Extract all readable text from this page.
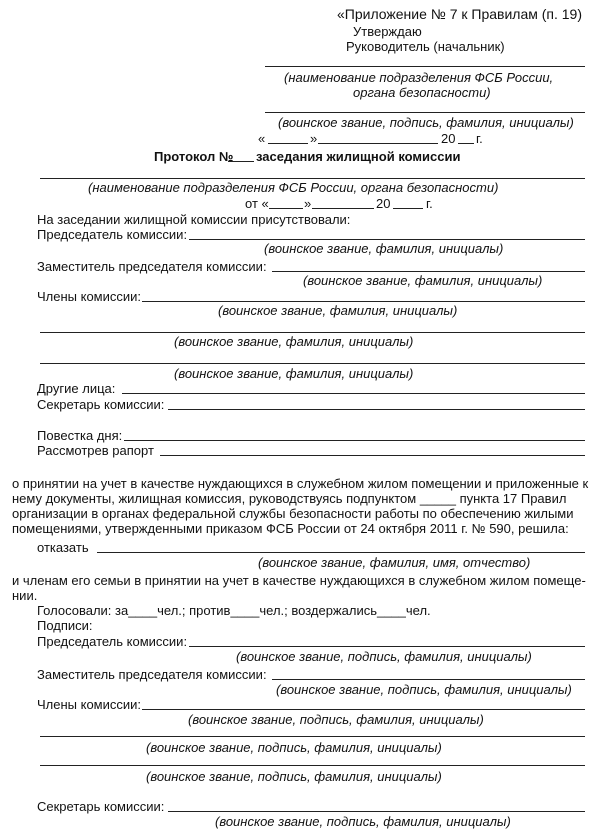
«Приложение № 7 к Правилам (п. 19)
Утверждаю
Руководитель (начальник)
(наименование подразделения ФСБ России,
органа безопасности)
(воинское звание, подпись, фамилия, инициалы)
«	»	20 г.
Протокол № заседания жилищной комиссии
(наименование подразделения ФСБ России, органа безопасности)
от «	»	20	г.
На заседании жилищной комиссии присутствовали:
Председатель комиссии:
(воинское звание, фамилия, инициалы)
Заместитель председателя комиссии:
(воинское звание, фамилия, инициалы)
Члены комиссии:
(воинское звание, фамилия, инициалы)
(воинское звание, фамилия, инициалы)
(воинское звание, фамилия, инициалы)
Другие лица:
Секретарь комиссии:
Повестка дня:
Рассмотрев рапорт
о принятии на учет в качестве нуждающихся в служебном жилом помещении и приложенные к
нему документы, жилищная комиссия, руководствуясь подпунктом _____ пункта 17 Правил
организации в органах федеральной службы безопасности работы по обеспечению жилыми
помещениями, утвержденными приказом ФСБ России от 24 октября 2011 г. № 590, решила:
отказать
(воинское звание, фамилия, имя, отчество)
и членам его семьи в принятии на учет в качестве нуждающихся в служебном жилом помеще-
нии.
Голосовали: за____чел.; против____чел.; воздержались____чел.
Подписи:
Председатель комиссии:
(воинское звание, подпись, фамилия, инициалы)
Заместитель председателя комиссии:
(воинское звание, подпись, фамилия, инициалы)
Члены комиссии:
(воинское звание, подпись, фамилия, инициалы)
(воинское звание, подпись, фамилия, инициалы)
(воинское звание, подпись, фамилия, инициалы)
Секретарь комиссии:
(воинское звание, подпись, фамилия, инициалы)
